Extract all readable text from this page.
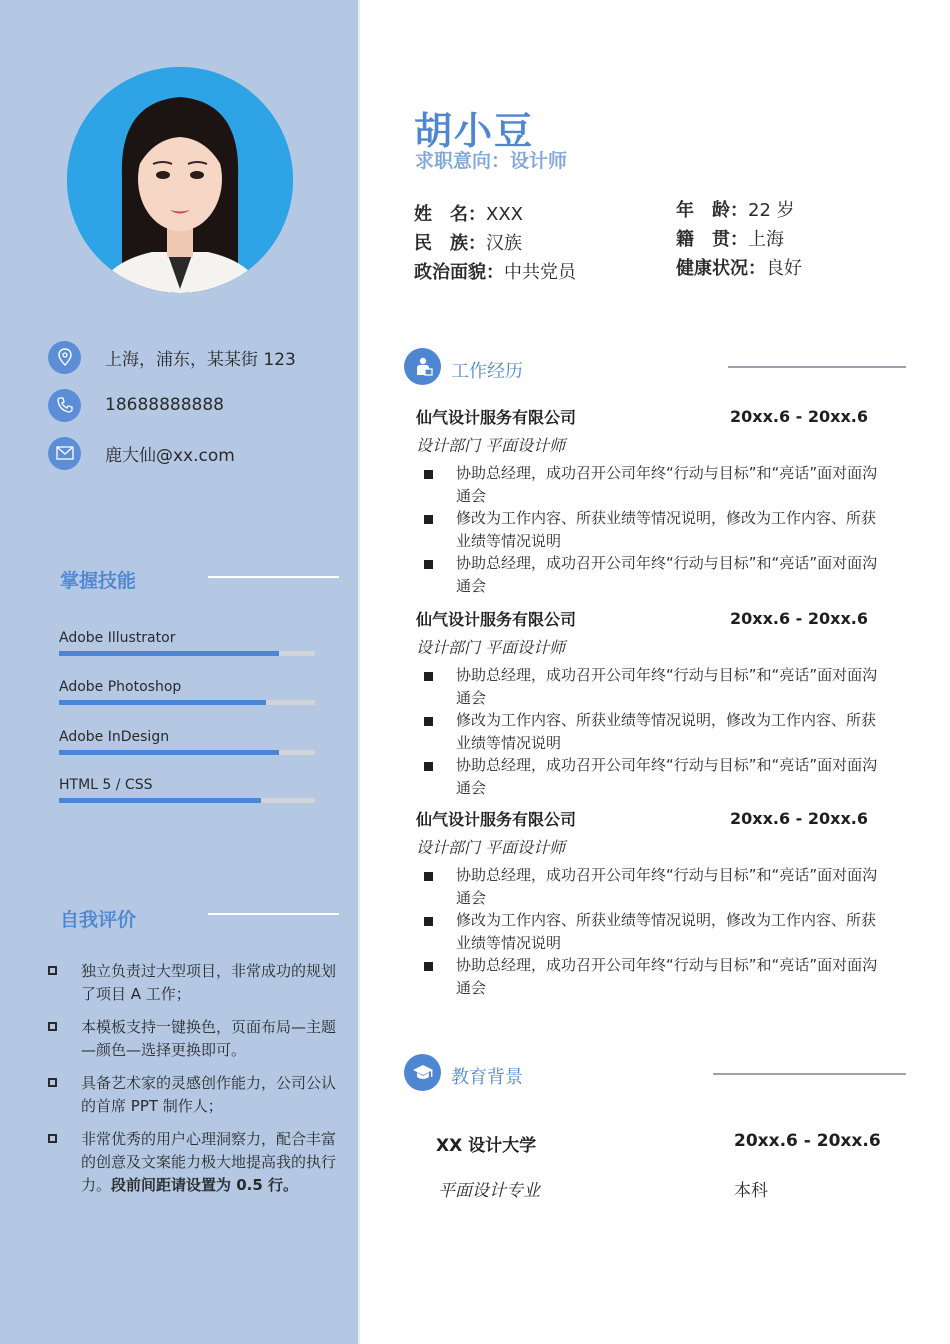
上海，浦东，某某街 123
18688888888
鹿大仙@xx.com
掌握技能
Adobe Illustrator
Adobe Photoshop
Adobe InDesign
HTML 5 / CSS
自我评价
独立负责过大型项目，非常成功的规划了项目 A 工作；
本模板支持一键换色，页面布局—主题—颜色—选择更换即可。
具备艺术家的灵感创作能力，公司公认的首席 PPT 制作人；
非常优秀的用户心理洞察力，配合丰富的创意及文案能力极大地提高我的执行力。段前间距请设置为 0.5 行。
胡小豆
求职意向：设计师
姓　名：XXX
民　族：汉族
政治面貌：中共党员
年　龄：22 岁
籍　贯：上海
健康状况：良好
工作经历
仙气设计服务有限公司	20xx.6 - 20xx.6
设计部门 平面设计师
协助总经理，成功召开公司年终“行动与目标”和“亮话”面对面沟通会
修改为工作内容、所获业绩等情况说明，修改为工作内容、所获业绩等情况说明
协助总经理，成功召开公司年终“行动与目标”和“亮话”面对面沟通会
仙气设计服务有限公司	20xx.6 - 20xx.6
设计部门 平面设计师
协助总经理，成功召开公司年终“行动与目标”和“亮话”面对面沟通会
修改为工作内容、所获业绩等情况说明，修改为工作内容、所获业绩等情况说明
协助总经理，成功召开公司年终“行动与目标”和“亮话”面对面沟通会
仙气设计服务有限公司	20xx.6 - 20xx.6
设计部门 平面设计师
协助总经理，成功召开公司年终“行动与目标”和“亮话”面对面沟通会
修改为工作内容、所获业绩等情况说明，修改为工作内容、所获业绩等情况说明
协助总经理，成功召开公司年终“行动与目标”和“亮话”面对面沟通会
教育背景
XX 设计大学	20xx.6 - 20xx.6
平面设计专业	本科
